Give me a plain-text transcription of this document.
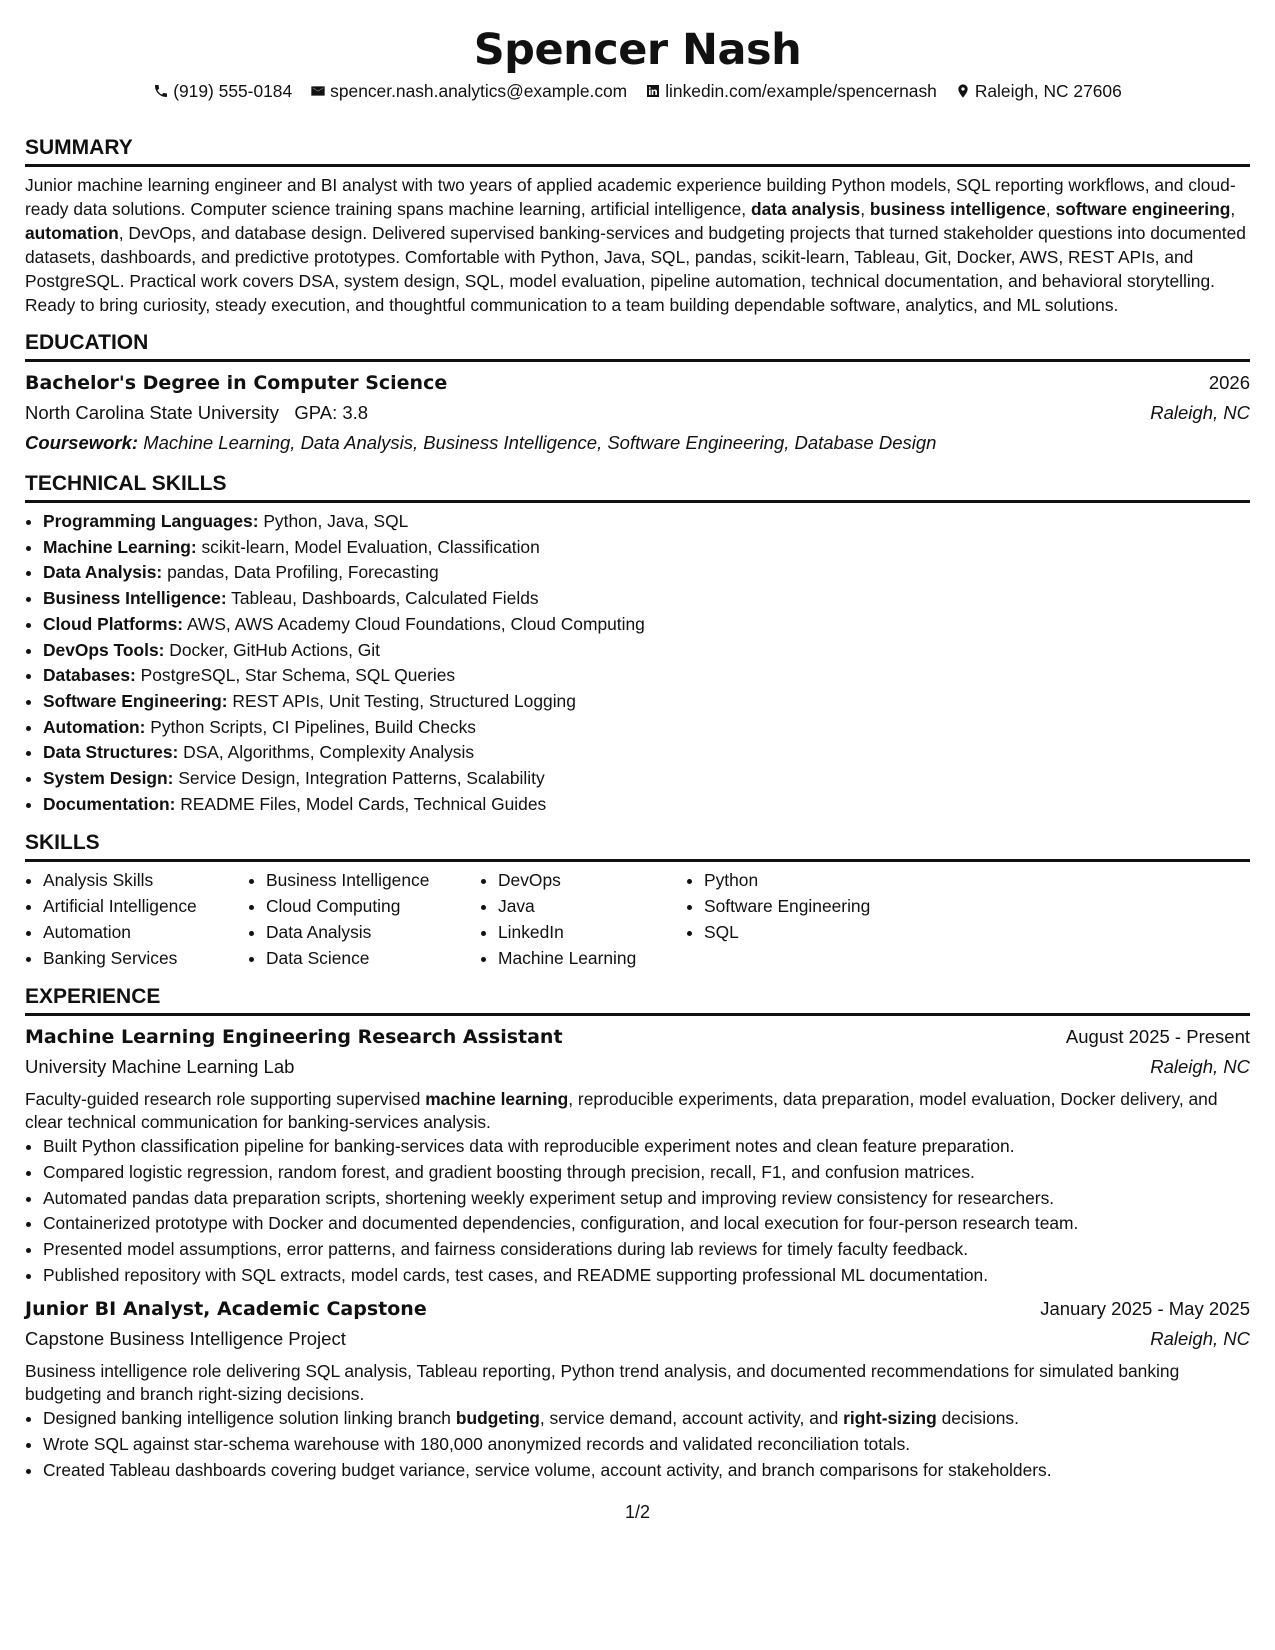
Spencer Nash
(919) 555-0184 spencer.nash.analytics@example.com linkedin.com/example/spencernash Raleigh, NC 27606
SUMMARY

Junior machine learning engineer and BI analyst with two years of applied academic experience building Python models, SQL reporting workflows, and cloud-ready data solutions. Computer science training spans machine learning, artificial intelligence, data analysis, business intelligence, software engineering, automation, DevOps, and database design. Delivered supervised banking-services and budgeting projects that turned stakeholder questions into documented datasets, dashboards, and predictive prototypes. Comfortable with Python, Java, SQL, pandas, scikit-learn, Tableau, Git, Docker, AWS, REST APIs, and PostgreSQL. Practical work covers DSA, system design, SQL, model evaluation, pipeline automation, technical documentation, and behavioral storytelling. Ready to bring curiosity, steady execution, and thoughtful communication to a team building dependable software, analytics, and ML solutions.

EDUCATION
Bachelor's Degree in Computer Science	2026
North Carolina State University GPA: 3.8	Raleigh, NC
Coursework: Machine Learning, Data Analysis, Business Intelligence, Software Engineering, Database Design
TECHNICAL SKILLS
• Programming Languages: Python, Java, SQL
• Machine Learning: scikit-learn, Model Evaluation, Classification
• Data Analysis: pandas, Data Profiling, Forecasting
• Business Intelligence: Tableau, Dashboards, Calculated Fields
• Cloud Platforms: AWS, AWS Academy Cloud Foundations, Cloud Computing
• DevOps Tools: Docker, GitHub Actions, Git
• Databases: PostgreSQL, Star Schema, SQL Queries
• Software Engineering: REST APIs, Unit Testing, Structured Logging
• Automation: Python Scripts, CI Pipelines, Build Checks
• Data Structures: DSA, Algorithms, Complexity Analysis
• System Design: Service Design, Integration Patterns, Scalability
• Documentation: README Files, Model Cards, Technical Guides
SKILLS
• Analysis Skills
• Artificial Intelligence
• Automation
• Banking Services
• Business Intelligence
• Cloud Computing
• Data Analysis
• Data Science
• DevOps
• Java
• LinkedIn
• Machine Learning
• Python
• Software Engineering
• SQL
EXPERIENCE
Machine Learning Engineering Research Assistant	August 2025 - Present
University Machine Learning Lab	Raleigh, NC

Faculty-guided research role supporting supervised machine learning, reproducible experiments, data preparation, model evaluation, Docker delivery, and clear technical communication for banking-services analysis.

• Built Python classification pipeline for banking-services data with reproducible experiment notes and clean feature preparation.
• Compared logistic regression, random forest, and gradient boosting through precision, recall, F1, and confusion matrices.
• Automated pandas data preparation scripts, shortening weekly experiment setup and improving review consistency for researchers.
• Containerized prototype with Docker and documented dependencies, configuration, and local execution for four-person research team.
• Presented model assumptions, error patterns, and fairness considerations during lab reviews for timely faculty feedback.
• Published repository with SQL extracts, model cards, test cases, and README supporting professional ML documentation.
Junior BI Analyst, Academic Capstone	January 2025 - May 2025
Capstone Business Intelligence Project	Raleigh, NC

Business intelligence role delivering SQL analysis, Tableau reporting, Python trend analysis, and documented recommendations for simulated banking budgeting and branch right-sizing decisions.

• Designed banking intelligence solution linking branch budgeting, service demand, account activity, and right-sizing decisions.
• Wrote SQL against star-schema warehouse with 180,000 anonymized records and validated reconciliation totals.
• Created Tableau dashboards covering budget variance, service volume, account activity, and branch comparisons for stakeholders.
1/2
